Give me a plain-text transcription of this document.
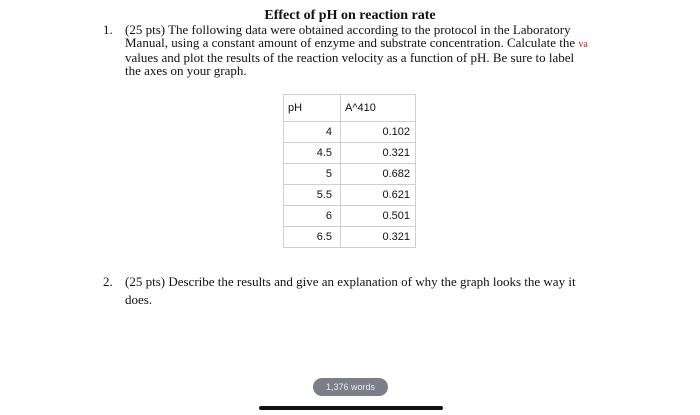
Effect of pH on reaction rate
1. (25 pts) The following data were obtained according to the protocol in the Laboratory
Manual, using a constant amount of enzyme and substrate concentration. Calculate the va
values and plot the results of the reaction velocity as a function of pH. Be sure to label
the axes on your graph.
pH	A^410
4	0.102
4.5	0.321
5	0.682
5.5	0.621
6	0.501
6.5	0.321
2. (25 pts) Describe the results and give an explanation of why the graph looks the way it
does.
1,376 words
